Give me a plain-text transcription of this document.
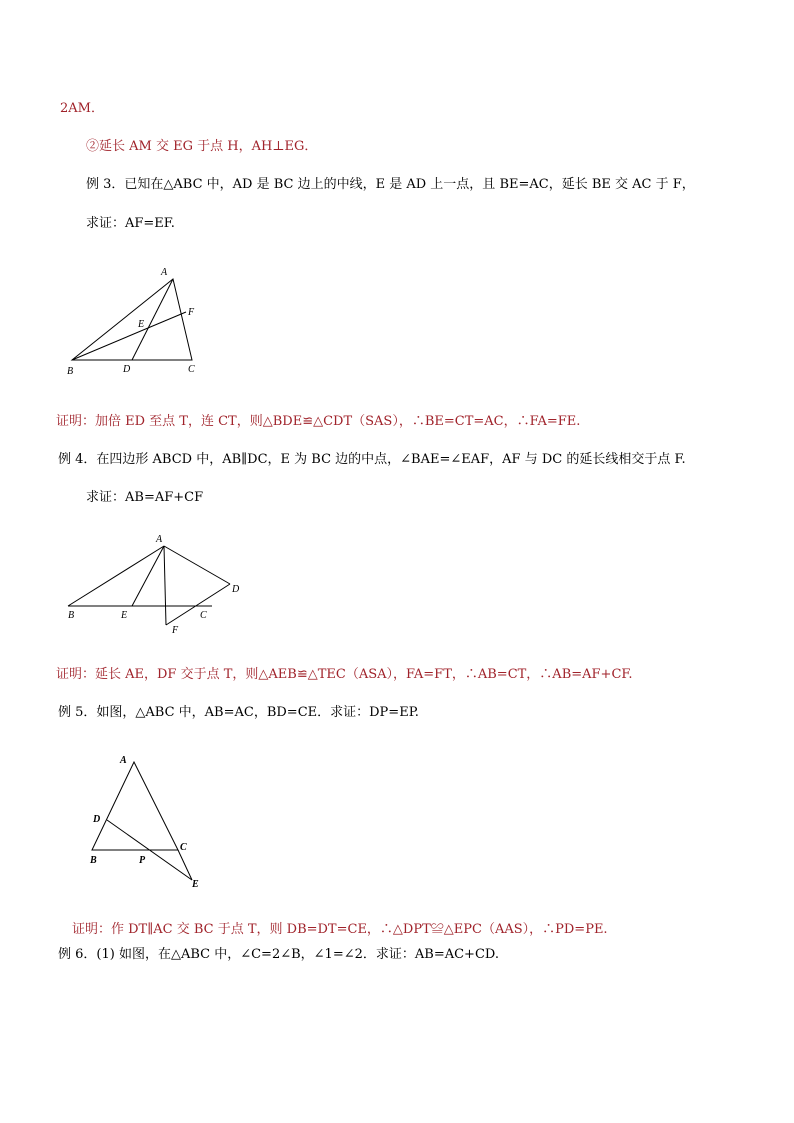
2AM．
②延长 AM 交 EG 于点 H，AH⊥EG．
例 3．已知在△ABC 中，AD 是 BC 边上的中线，E 是 AD 上一点，且 BE=AC，延长 BE 交 AC 于 F，
求证：AF=EF.
A
B	C
D
E
F
证明：加倍 ED 至点 T，连 CT，则△BDE≌△CDT（SAS），∴BE=CT=AC，∴FA=FE.
例 4．在四边形 ABCD 中，AB∥DC，E 为 BC 边的中点，∠BAE=∠EAF，AF 与 DC 的延长线相交于点 F.
求证：AB=AF+CF
A
B	C
D
E
F
证明：延长 AE，DF 交于点 T，则△AEB≌△TEC（ASA），FA=FT，∴AB=CT，∴AB=AF+CF.
例 5．如图，△ABC 中，AB=AC，BD=CE．求证：DP=EP.
A
B
C
D
E
P
证明：作 DT∥AC 交 BC 于点 T，则 DB=DT=CE，∴△DPT≌△EPC（AAS），∴PD=PE.
例 6．(1) 如图，在△ABC 中，∠C=2∠B，∠1=∠2．求证：AB=AC+CD.
